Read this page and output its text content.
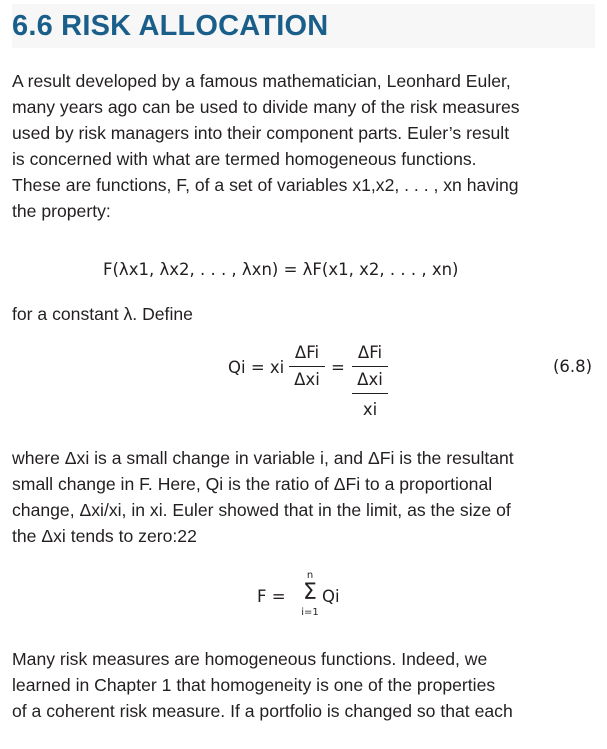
6.6 RISK ALLOCATION
A result developed by a famous mathematician, Leonhard Euler,
many years ago can be used to divide many of the risk measures
used by risk managers into their component parts. Euler’s result
is concerned with what are termed homogeneous functions.
These are functions, F, of a set of variables x1,x2, . . . , xn having
the property:
F(λx1, λx2, . . . , λxn) = λF(x1, x2, . . . , xn)
for a constant λ. Define
Qi = xi
ΔFi
Δxi
=
ΔFi
Δxi
xi
(6.8)
where Δxi is a small change in variable i, and ΔFi is the resultant
small change in F. Here, Qi is the ratio of ΔFi to a proportional
change, Δxi/xi, in xi. Euler showed that in the limit, as the size of
the Δxi tends to zero:22
F =
n
Σ
i=1
Qi
Many risk measures are homogeneous functions. Indeed, we
learned in Chapter 1 that homogeneity is one of the properties
of a coherent risk measure. If a portfolio is changed so that each
